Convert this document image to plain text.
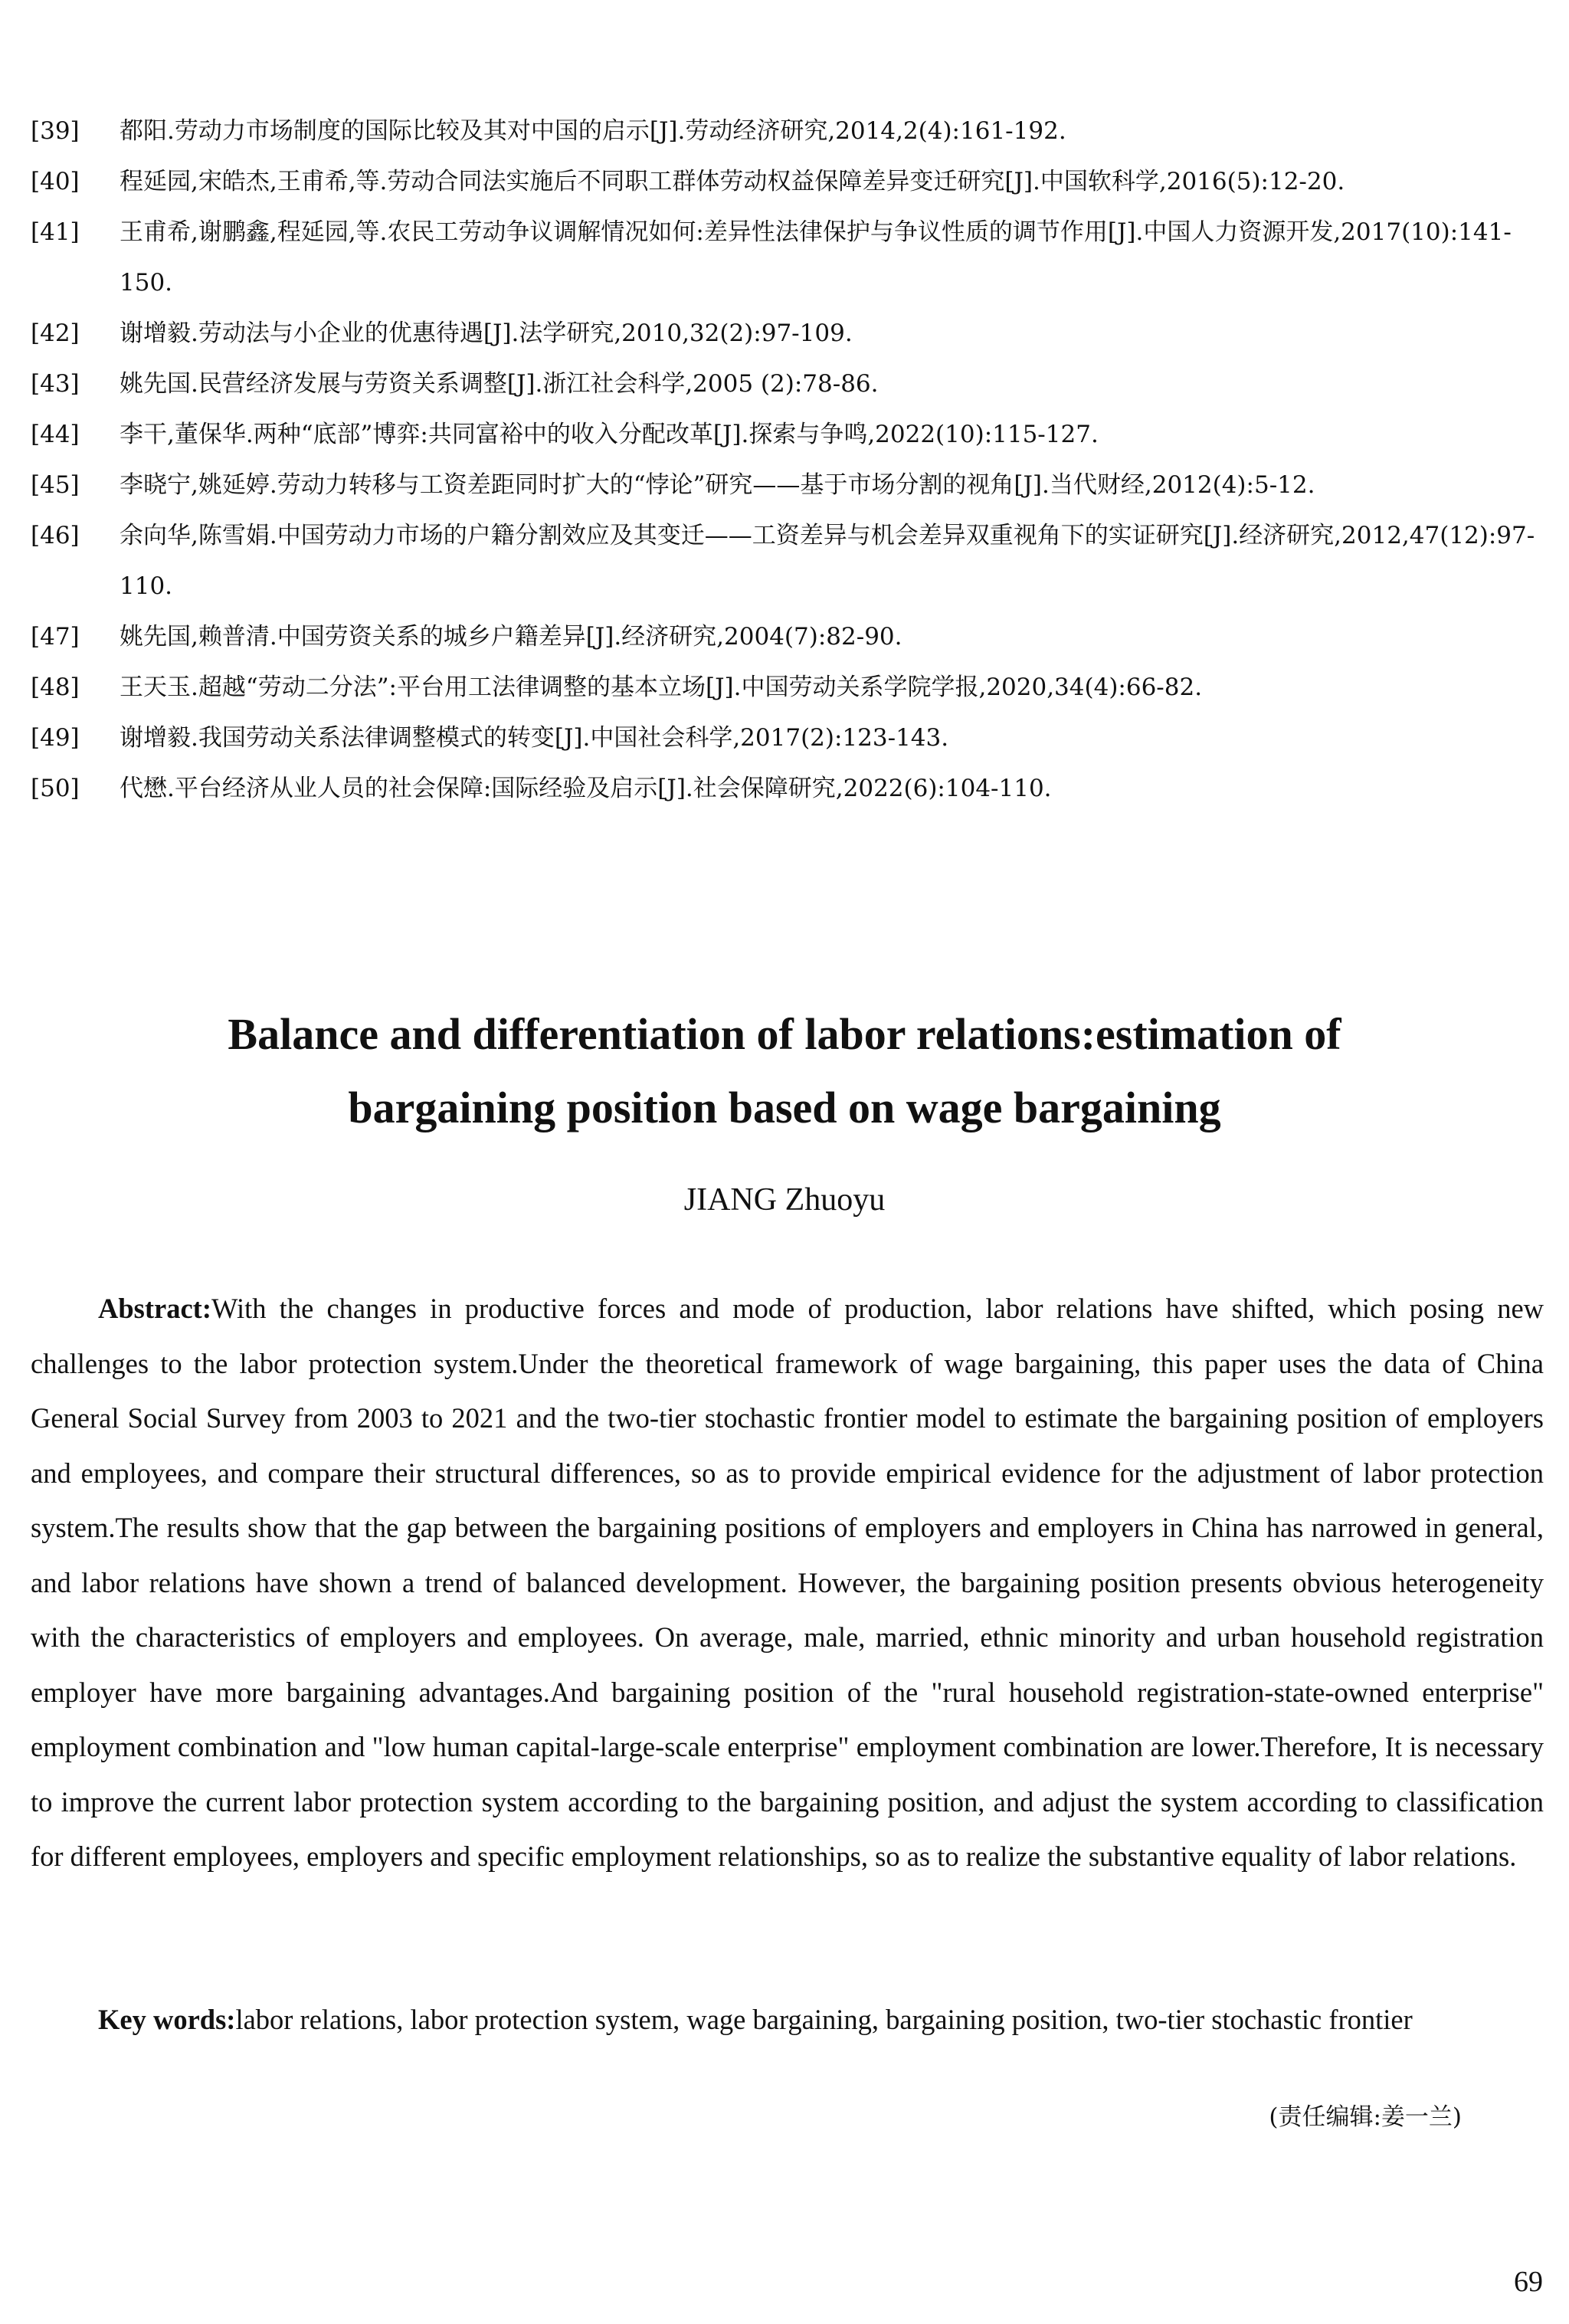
[39]	都阳.劳动力市场制度的国际比较及其对中国的启示[J].劳动经济研究,2014,2(4):161-192.
[40]	程延园,宋皓杰,王甫希,等.劳动合同法实施后不同职工群体劳动权益保障差异变迁研究[J].中国软科学,2016(5):12-20.
[41]	王甫希,谢鹏鑫,程延园,等.农民工劳动争议调解情况如何:差异性法律保护与争议性质的调节作用[J].中国人力资源开发,2017(10):141-150.
[42]	谢增毅.劳动法与小企业的优惠待遇[J].法学研究,2010,32(2):97-109.
[43]	姚先国.民营经济发展与劳资关系调整[J].浙江社会科学,2005 (2):78-86.
[44]	李干,董保华.两种“底部”博弈:共同富裕中的收入分配改革[J].探索与争鸣,2022(10):115-127.
[45]	李晓宁,姚延婷.劳动力转移与工资差距同时扩大的“悖论”研究——基于市场分割的视角[J].当代财经,2012(4):5-12.
[46]	余向华,陈雪娟.中国劳动力市场的户籍分割效应及其变迁——工资差异与机会差异双重视角下的实证研究[J].经济研究,2012,47(12):97-110.
[47]	姚先国,赖普清.中国劳资关系的城乡户籍差异[J].经济研究,2004(7):82-90.
[48]	王天玉.超越“劳动二分法”:平台用工法律调整的基本立场[J].中国劳动关系学院学报,2020,34(4):66-82.
[49]	谢增毅.我国劳动关系法律调整模式的转变[J].中国社会科学,2017(2):123-143.
[50]	代懋.平台经济从业人员的社会保障:国际经验及启示[J].社会保障研究,2022(6):104-110.
Balance and differentiation of labor relations:estimation of
bargaining position based on wage bargaining
JIANG Zhuoyu
Abstract:With the changes in productive forces and mode of production, labor relations have shifted, which posing new challenges to the labor protection system.Under the theoretical framework of wage bargaining, this paper uses the data of China General Social Survey from 2003 to 2021 and the two-tier stochastic frontier model to estimate the bargaining position of employers and employees, and compare their structural differences, so as to provide empirical evidence for the adjustment of labor protection system.The results show that the gap between the bargaining positions of employers and employers in China has narrowed in general, and labor relations have shown a trend of balanced development. However, the bargaining position presents obvious heterogeneity with the characteristics of employers and employees. On average, male, married, ethnic minority and urban household registration employer have more bargaining advantages.And bargaining position of the "rural household registration-state-owned enterprise" employment combination and "low human capital-large-scale enterprise" employment combination are lower.Therefore, It is necessary to improve the current labor protection system according to the bargaining position, and adjust the system according to classification for different employees, employers and specific employment relationships, so as to realize the substantive equality of labor relations.
Key words:labor relations, labor protection system, wage bargaining, bargaining position, two-tier stochastic frontier
(责任编辑:姜一兰)
69
